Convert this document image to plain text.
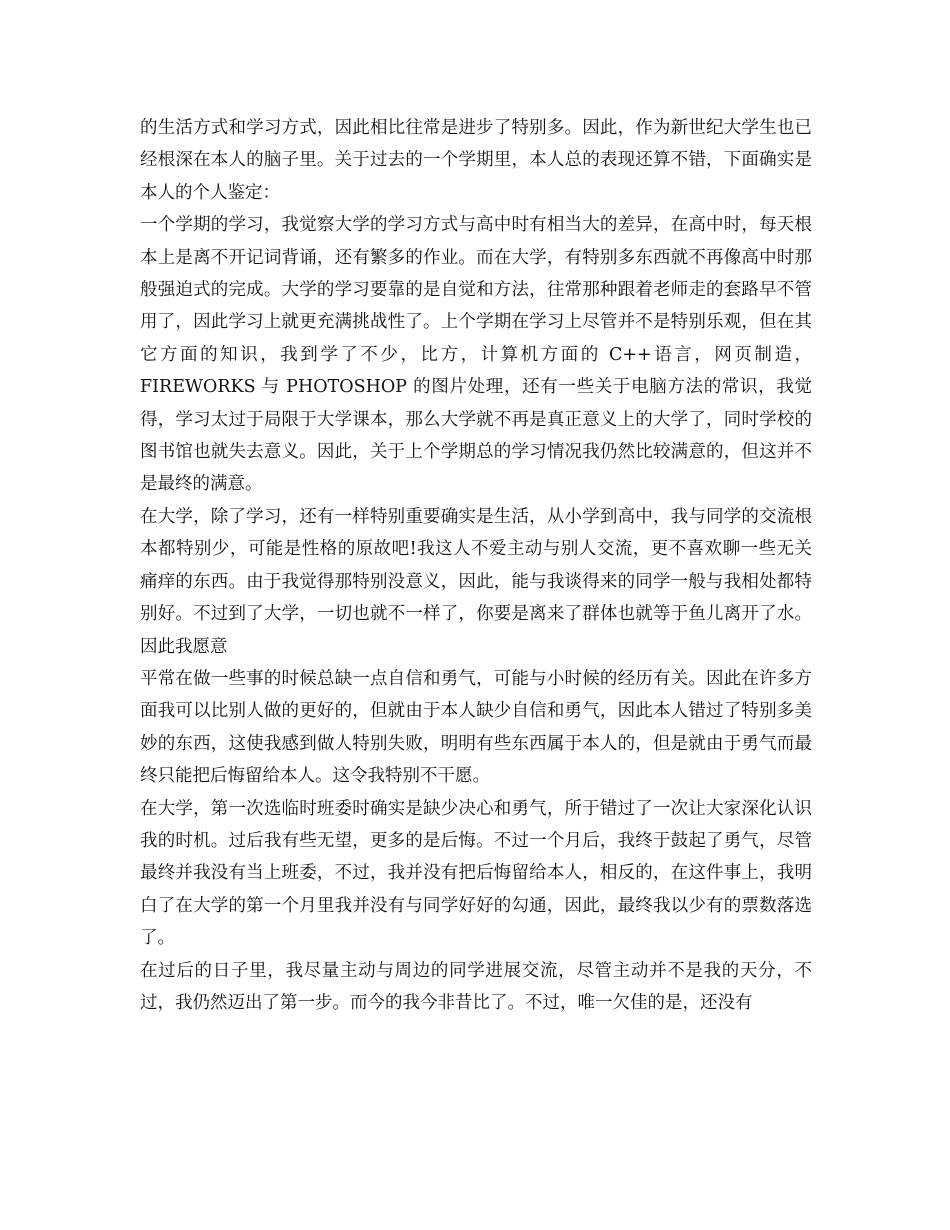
的生活方式和学习方式，因此相比往常是进步了特别多。因此，作为新世纪大学生也已经根深在本人的脑子里。关于过去的一个学期里，本人总的表现还算不错，下面确实是本人的个人鉴定：

一个学期的学习，我觉察大学的学习方式与高中时有相当大的差异，在高中时，每天根本上是离不开记词背诵，还有繁多的作业。而在大学，有特别多东西就不再像高中时那般强迫式的完成。大学的学习要靠的是自觉和方法，往常那种跟着老师走的套路早不管用了，因此学习上就更充满挑战性了。上个学期在学习上尽管并不是特别乐观，但在其它方面的知识，我到学了不少，比方，计算机方面的 C++语言，网页制造，FIREWORKS 与 PHOTOSHOP 的图片处理，还有一些关于电脑方法的常识，我觉得，学习太过于局限于大学课本，那么大学就不再是真正意义上的大学了，同时学校的图书馆也就失去意义。因此，关于上个学期总的学习情况我仍然比较满意的，但这并不是最终的满意。

在大学，除了学习，还有一样特别重要确实是生活，从小学到高中，我与同学的交流根本都特别少，可能是性格的原故吧!我这人不爱主动与别人交流，更不喜欢聊一些无关痛痒的东西。由于我觉得那特别没意义，因此，能与我谈得来的同学一般与我相处都特别好。不过到了大学，一切也就不一样了，你要是离来了群体也就等于鱼儿离开了水。因此我愿意

平常在做一些事的时候总缺一点自信和勇气，可能与小时候的经历有关。因此在许多方面我可以比别人做的更好的，但就由于本人缺少自信和勇气，因此本人错过了特别多美妙的东西，这使我感到做人特别失败，明明有些东西属于本人的，但是就由于勇气而最终只能把后悔留给本人。这令我特别不干愿。

在大学，第一次选临时班委时确实是缺少决心和勇气，所于错过了一次让大家深化认识我的时机。过后我有些无望，更多的是后悔。不过一个月后，我终于鼓起了勇气，尽管最终并我没有当上班委，不过，我并没有把后悔留给本人，相反的，在这件事上，我明白了在大学的第一个月里我并没有与同学好好的勾通，因此，最终我以少有的票数落选了。

在过后的日子里，我尽量主动与周边的同学进展交流，尽管主动并不是我的天分，不过，我仍然迈出了第一步。而今的我今非昔比了。不过，唯一欠佳的是，还没有
